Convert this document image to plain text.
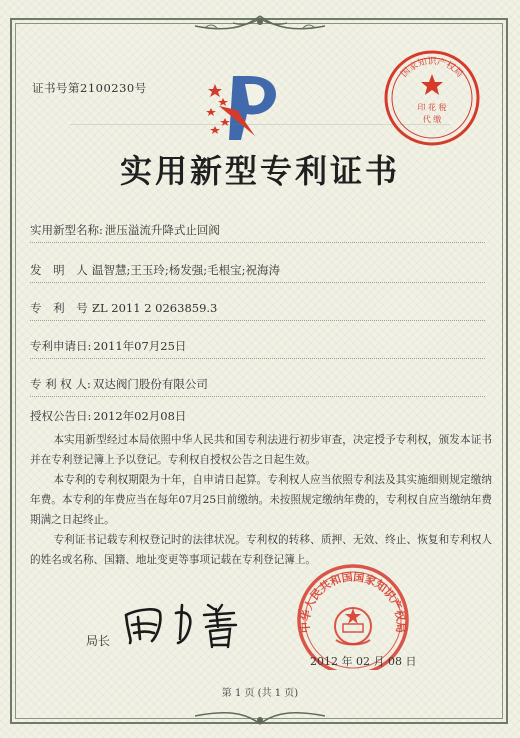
证书号第2100230号
国家知识产权局
印 花 税
代 缴
实用新型专利证书
实用新型名称: 泄压溢流升降式止回阀
发 明 人:温智慧;王玉玲;杨发强;毛根宝;祝海涛
专 利 号:ZL 2011 2 0263859.3
专利申请日: 2011年07月25日
专 利 权 人: 双达阀门股份有限公司
授权公告日: 2012年02月08日

本实用新型经过本局依照中华人民共和国专利法进行初步审查，决定授予专利权，颁发本证书并在专利登记簿上予以登记。专利权自授权公告之日起生效。

本专利的专利权期限为十年，自申请日起算。专利权人应当依照专利法及其实施细则规定缴纳年费。本专利的年费应当在每年07月25日前缴纳。未按照规定缴纳年费的，专利权自应当缴纳年费期满之日起终止。

专利证书记载专利权登记时的法律状况。专利权的转移、质押、无效、终止、恢复和专利权人的姓名或名称、国籍、地址变更等事项记载在专利登记簿上。

局长
中华人民共和国国家知识产权局
2012 年 02 月 08 日
第 1 页 (共 1 页)
